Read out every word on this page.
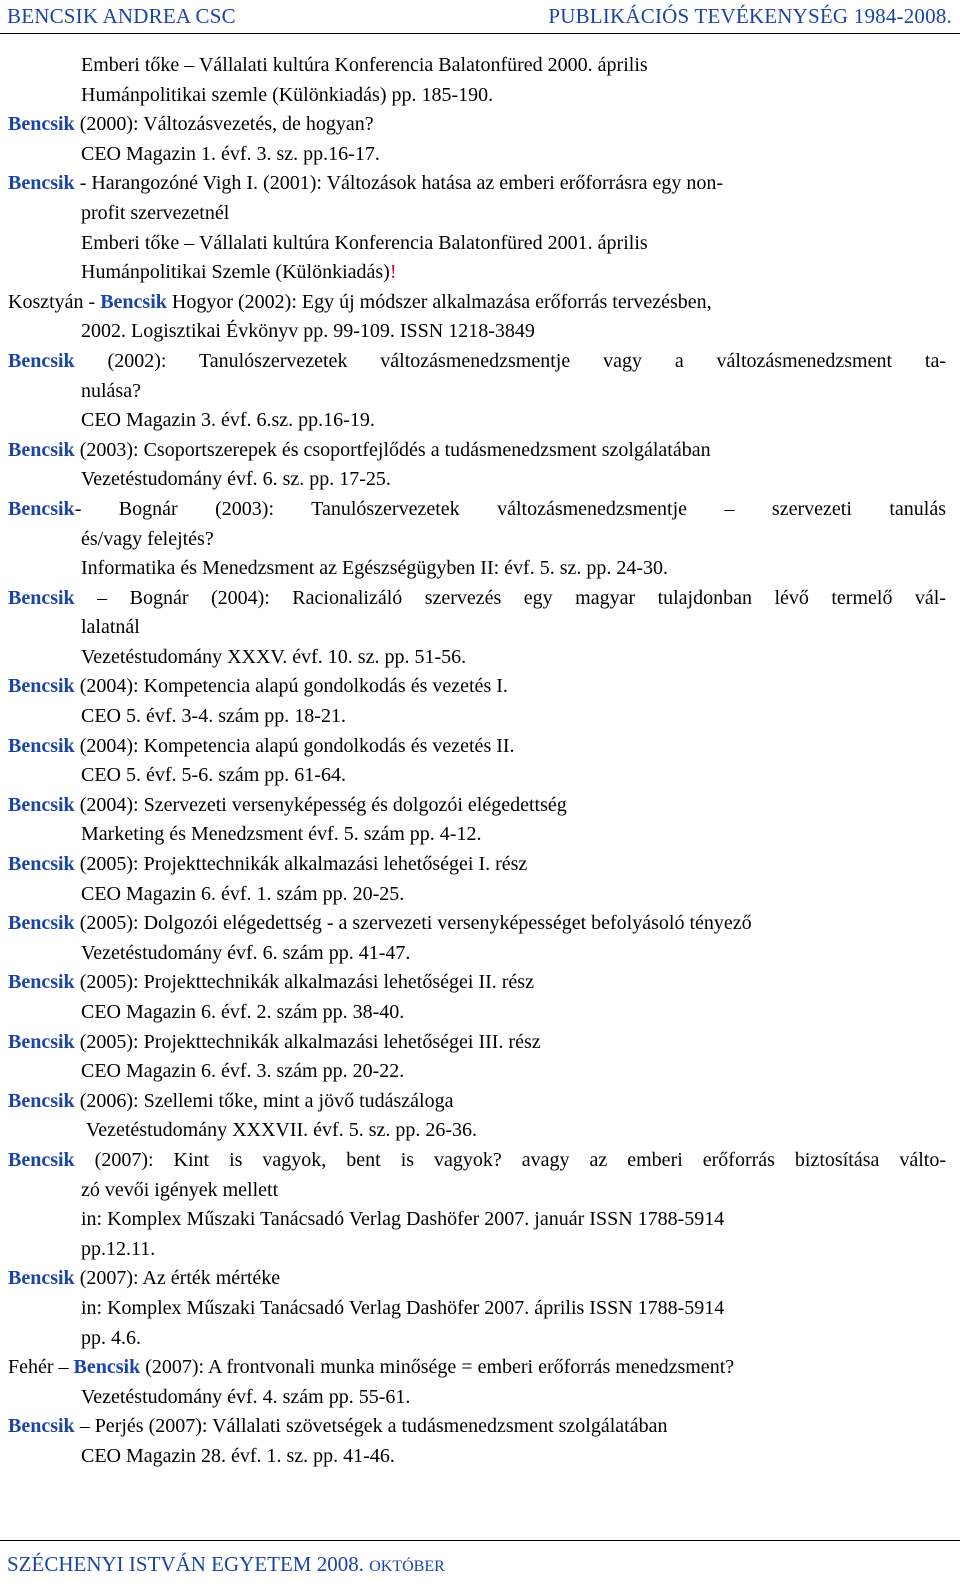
BENCSIK ANDREA CSC	PUBLIKÁCIÓS TEVÉKENYSÉG 1984-2008.
Emberi tőke – Vállalati kultúra Konferencia Balatonfüred 2000. április
Humánpolitikai szemle (Különkiadás) pp. 185-190.
Bencsik (2000): Változásvezetés, de hogyan?
CEO Magazin 1. évf. 3. sz. pp.16-17.
Bencsik - Harangozóné Vigh I. (2001): Változások hatása az emberi erőforrásra egy non-
profit szervezetnél
Emberi tőke – Vállalati kultúra Konferencia Balatonfüred 2001. április
Humánpolitikai Szemle (Különkiadás)!
Kosztyán - Bencsik Hogyor (2002): Egy új módszer alkalmazása erőforrás tervezésben,
2002. Logisztikai Évkönyv pp. 99-109. ISSN 1218-3849
Bencsik (2002): Tanulószervezetek változásmenedzsmentje vagy a változásmenedzsment ta-
nulása?
CEO Magazin 3. évf. 6.sz. pp.16-19.
Bencsik (2003): Csoportszerepek és csoportfejlődés a tudásmenedzsment szolgálatában
Vezetéstudomány évf. 6. sz. pp. 17-25.
Bencsik- Bognár (2003): Tanulószervezetek változásmenedzsmentje – szervezeti tanulás
és/vagy felejtés?
Informatika és Menedzsment az Egészségügyben II: évf. 5. sz. pp. 24-30.
Bencsik – Bognár (2004): Racionalizáló szervezés egy magyar tulajdonban lévő termelő vál-
lalatnál
Vezetéstudomány XXXV. évf. 10. sz. pp. 51-56.
Bencsik (2004): Kompetencia alapú gondolkodás és vezetés I.
CEO 5. évf. 3-4. szám pp. 18-21.
Bencsik (2004): Kompetencia alapú gondolkodás és vezetés II.
CEO 5. évf. 5-6. szám pp. 61-64.
Bencsik (2004): Szervezeti versenyképesség és dolgozói elégedettség
Marketing és Menedzsment évf. 5. szám pp. 4-12.
Bencsik (2005): Projekttechnikák alkalmazási lehetőségei I. rész
CEO Magazin 6. évf. 1. szám pp. 20-25.
Bencsik (2005): Dolgozói elégedettség - a szervezeti versenyképességet befolyásoló tényező
Vezetéstudomány évf. 6. szám pp. 41-47.
Bencsik (2005): Projekttechnikák alkalmazási lehetőségei II. rész
CEO Magazin 6. évf. 2. szám pp. 38-40.
Bencsik (2005): Projekttechnikák alkalmazási lehetőségei III. rész
CEO Magazin 6. évf. 3. szám pp. 20-22.
Bencsik (2006): Szellemi tőke, mint a jövő tudászáloga
Vezetéstudomány XXXVII. évf. 5. sz. pp. 26-36.
Bencsik (2007): Kint is vagyok, bent is vagyok? avagy az emberi erőforrás biztosítása válto-
zó vevői igények mellett
in: Komplex Műszaki Tanácsadó Verlag Dashöfer 2007. január ISSN 1788-5914
pp.12.11.
Bencsik (2007): Az érték mértéke
in: Komplex Műszaki Tanácsadó Verlag Dashöfer 2007. április ISSN 1788-5914
pp. 4.6.
Fehér – Bencsik (2007): A frontvonali munka minősége = emberi erőforrás menedzsment?
Vezetéstudomány évf. 4. szám pp. 55-61.
Bencsik – Perjés (2007): Vállalati szövetségek a tudásmenedzsment szolgálatában
CEO Magazin 28. évf. 1. sz. pp. 41-46.
SZÉCHENYI ISTVÁN EGYETEM 2008. OKTÓBER
